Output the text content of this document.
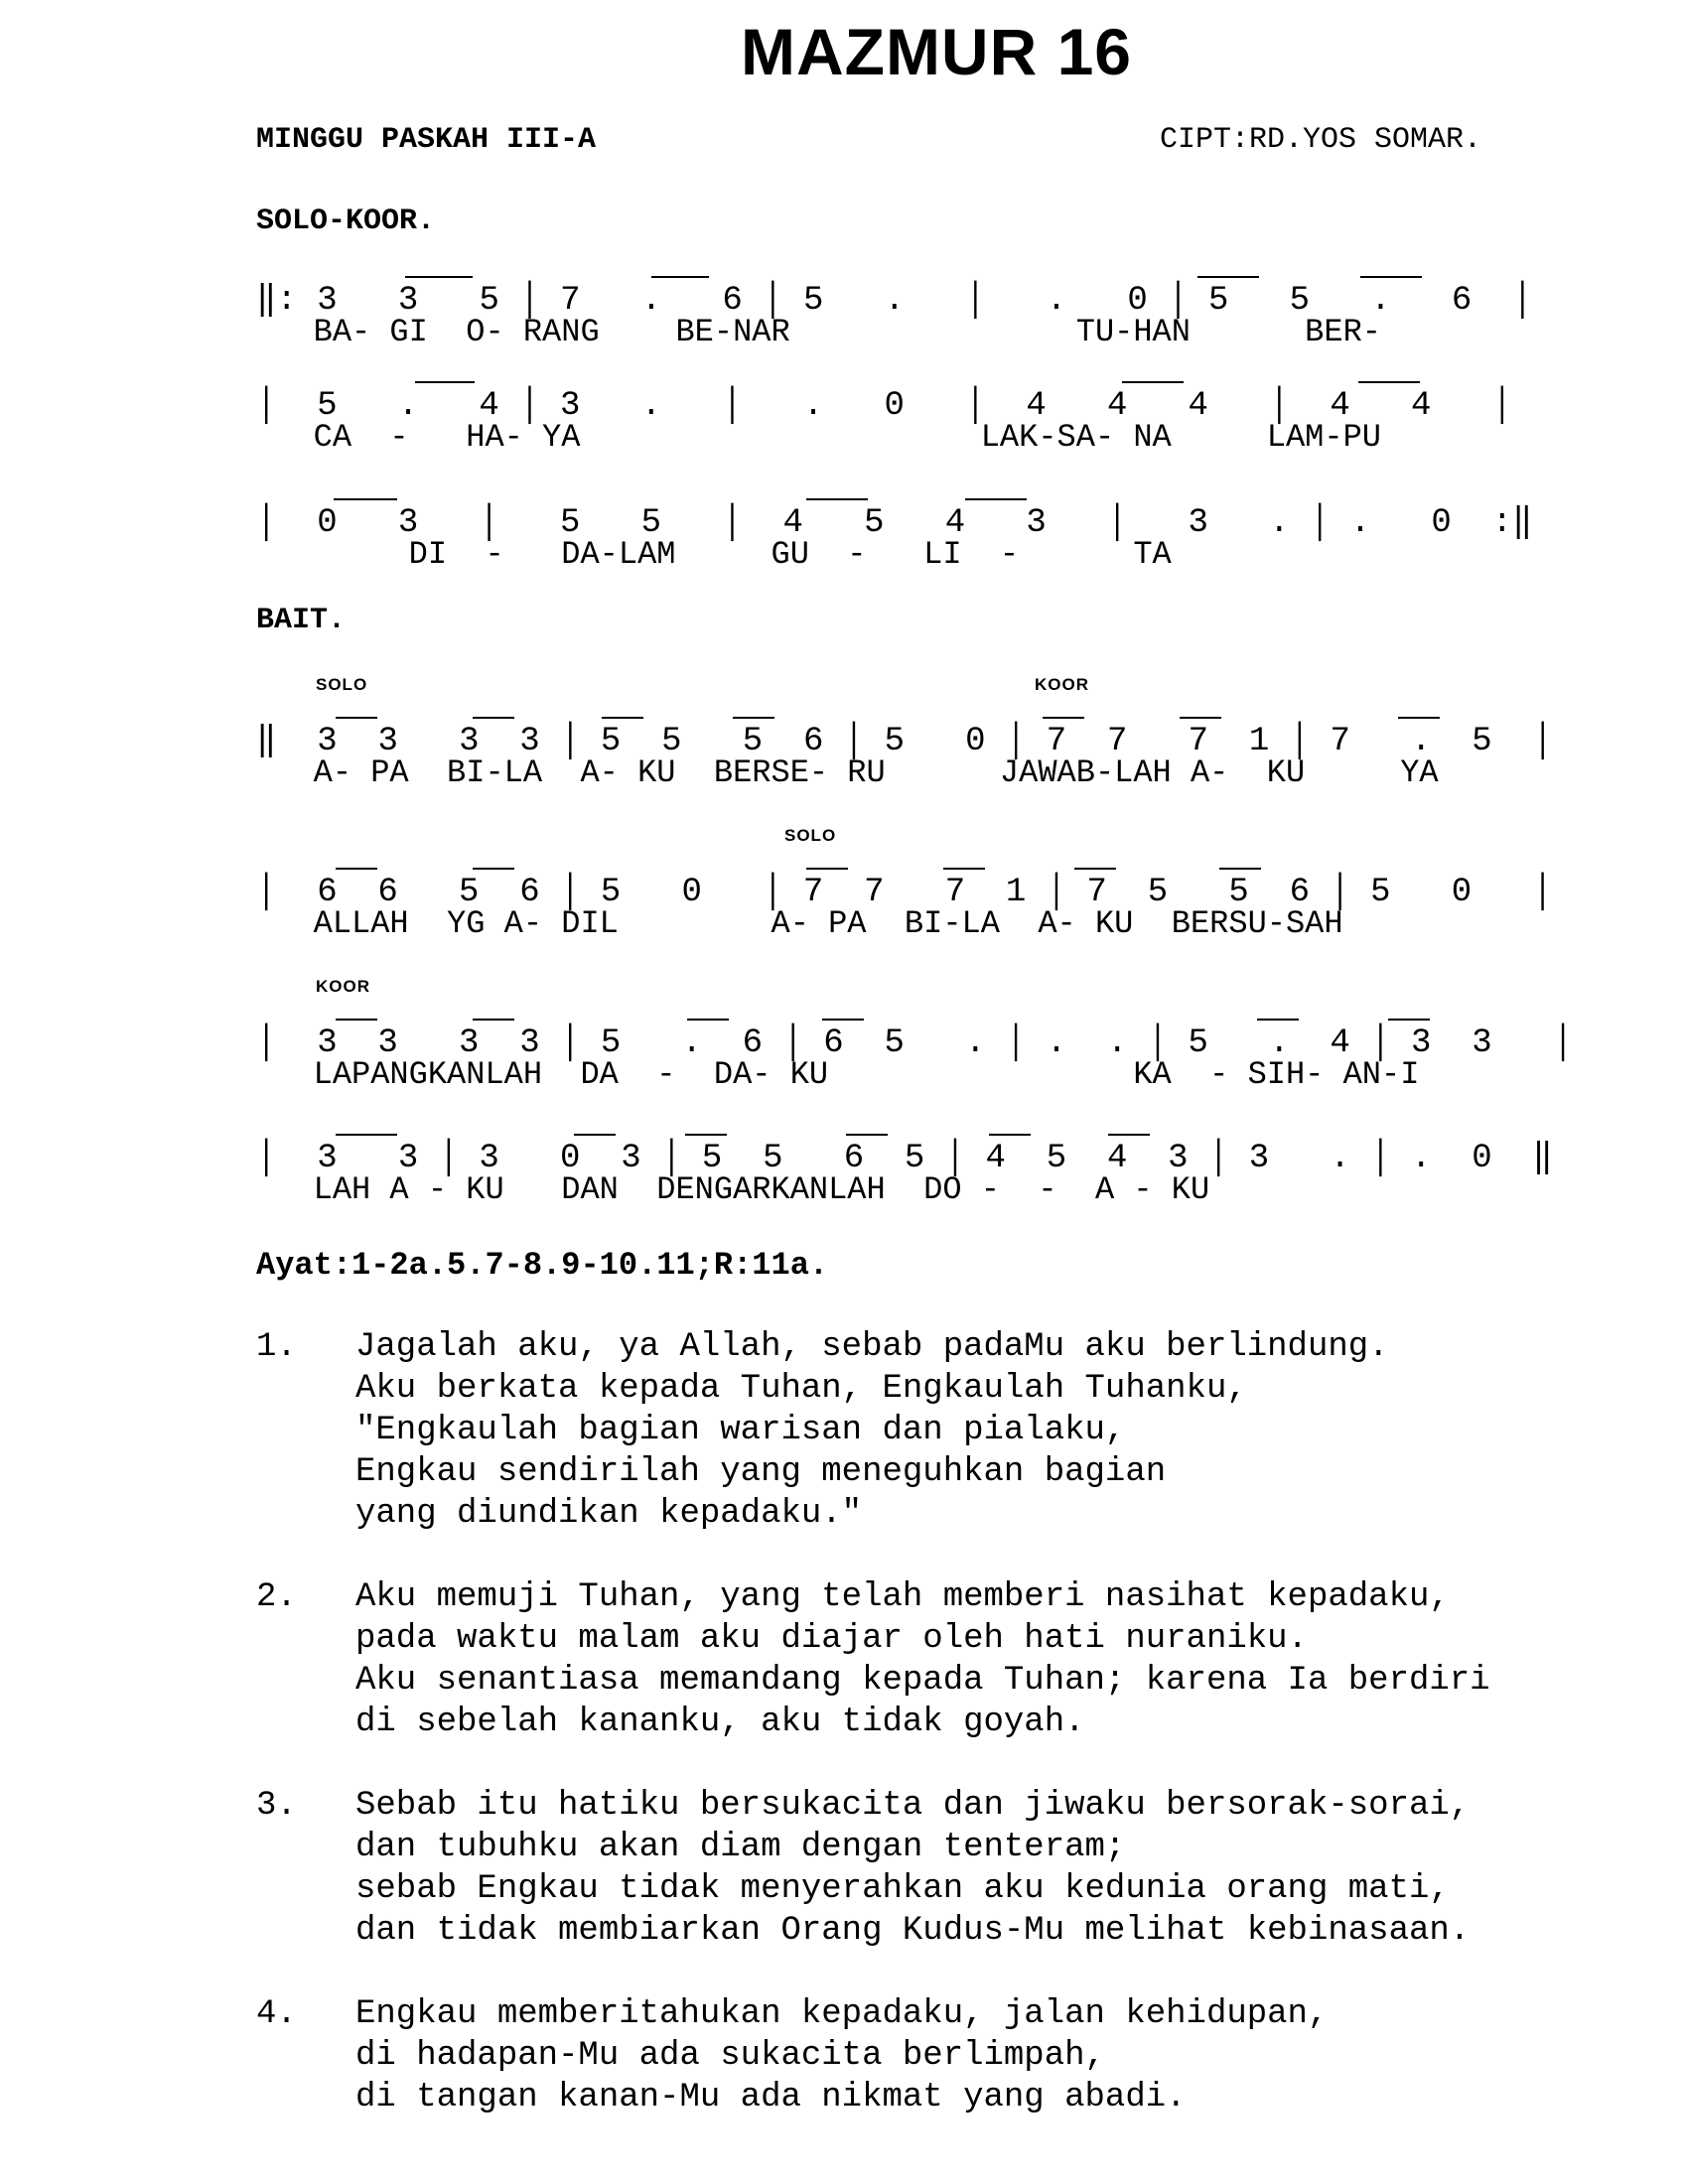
MAZMUR 16
MINGGU PASKAH III-A	CIPT:RD.YOS SOMAR.
SOLO-KOOR.
‖: 3   3   5 │ 7   .   6 │ 5   .   │   .   0 │ 5   5   .   6  │
BA- GI  O- RANG    BE-NAR               TU-HAN      BER-
│  5   .   4 │ 3   .   │   .   0   │  4   4   4   │  4   4   │
CA  -   HA- YA                     LAK-SA- NA     LAM-PU
│  0   3   │   5   5   │  4   5   4   3   │   3   . │ .   0  :‖
DI  -   DA-LAM     GU  -   LI  -      TA
BAIT.
SOLO	KOOR
‖  3  3   3  3 │ 5  5   5  6 │ 5   0 │ 7  7   7  1 │ 7   .  5  │
A- PA  BI-LA  A- KU  BERSE- RU      JAWAB-LAH A-  KU     YA
SOLO
│  6  6   5  6 │ 5   0   │ 7  7   7  1 │ 7  5   5  6 │ 5   0   │
ALLAH  YG A- DIL        A- PA  BI-LA  A- KU  BERSU-SAH
KOOR
│  3  3   3  3 │ 5   .  6 │ 6  5   . │ .  . │ 5   .  4 │ 3  3   │
LAPANGKANLAH  DA  -  DA- KU                KA  - SIH- AN-I
│  3   3 │ 3   0  3 │ 5  5   6  5 │ 4  5  4  3 │ 3   . │ .  0  ‖
LAH A - KU   DAN  DENGARKANLAH  DO -  -  A - KU
Ayat:1-2a.5.7-8.9-10.11;R:11a.
1. Jagalah aku, ya Allah, sebab padaMu aku berlindung.
Aku berkata kepada Tuhan, Engkaulah Tuhanku,
"Engkaulah bagian warisan dan pialaku,
Engkau sendirilah yang meneguhkan bagian
yang diundikan kepadaku."
2. Aku memuji Tuhan, yang telah memberi nasihat kepadaku,
pada waktu malam aku diajar oleh hati nuraniku.
Aku senantiasa memandang kepada Tuhan; karena Ia berdiri
di sebelah kananku, aku tidak goyah.
3. Sebab itu hatiku bersukacita dan jiwaku bersorak-sorai,
dan tubuhku akan diam dengan tenteram;
sebab Engkau tidak menyerahkan aku kedunia orang mati,
dan tidak membiarkan Orang Kudus-Mu melihat kebinasaan.
4. Engkau memberitahukan kepadaku, jalan kehidupan,
di hadapan-Mu ada sukacita berlimpah,
di tangan kanan-Mu ada nikmat yang abadi.
